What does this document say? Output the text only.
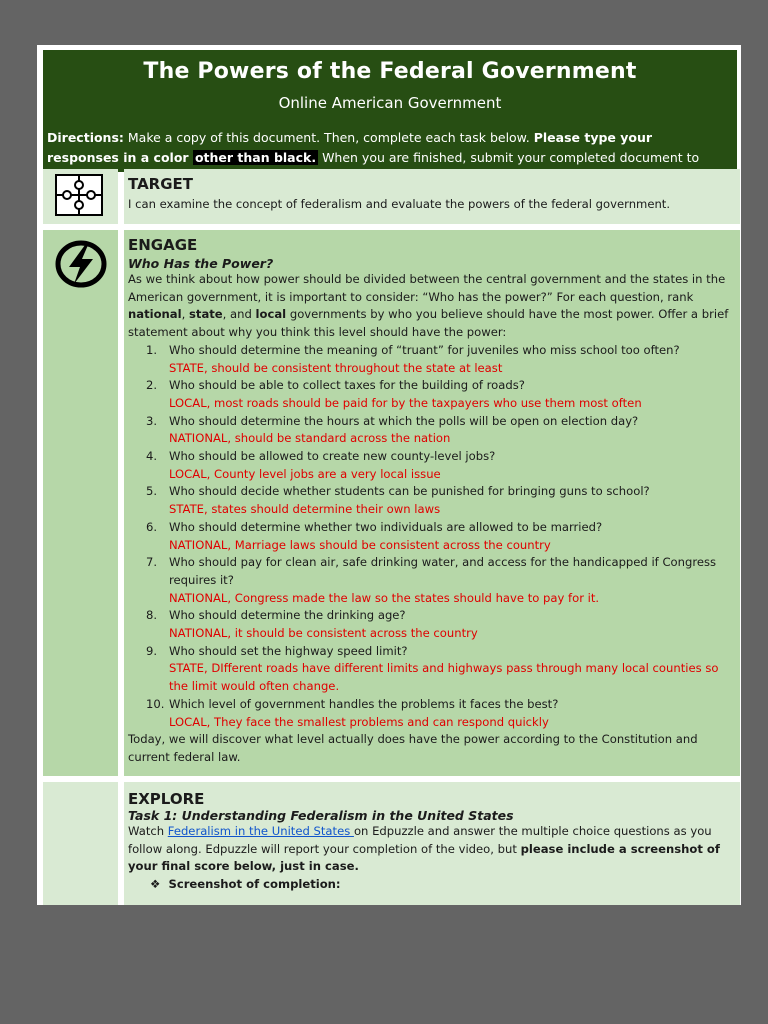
The Powers of the Federal Government
Online American Government
Directions: Make a copy of this document. Then, complete each task below. Please type your responses in a color other than black. When you are finished, submit your completed document to
TARGET
I can examine the concept of federalism and evaluate the powers of the federal government.
ENGAGE
Who Has the Power?
As we think about how power should be divided between the central government and the states in the American government, it is important to consider: “Who has the power?” For each question, rank national, state, and local governments by who you believe should have the most power. Offer a brief statement about why you think this level should have the power:
1. Who should determine the meaning of “truant” for juveniles who miss school too often?
STATE, should be consistent throughout the state at least
2. Who should be able to collect taxes for the building of roads?
LOCAL, most roads should be paid for by the taxpayers who use them most often
3. Who should determine the hours at which the polls will be open on election day?
NATIONAL, should be standard across the nation
4. Who should be allowed to create new county-level jobs?
LOCAL, County level jobs are a very local issue
5. Who should decide whether students can be punished for bringing guns to school?
STATE, states should determine their own laws
6. Who should determine whether two individuals are allowed to be married?
NATIONAL, Marriage laws should be consistent across the country
7. Who should pay for clean air, safe drinking water, and access for the handicapped if Congress requires it?
NATIONAL, Congress made the law so the states should have to pay for it.
8. Who should determine the drinking age?
NATIONAL, it should be consistent across the country
9. Who should set the highway speed limit?
STATE, DIfferent roads have different limits and highways pass through many local counties so the limit would often change.
10. Which level of government handles the problems it faces the best?
LOCAL, They face the smallest problems and can respond quickly
Today, we will discover what level actually does have the power according to the Constitution and current federal law.
EXPLORE
Task 1: Understanding Federalism in the United States
Watch Federalism in the United States on Edpuzzle and answer the multiple choice questions as you follow along. Edpuzzle will report your completion of the video, but please include a screenshot of your final score below, just in case.
❖ Screenshot of completion:
